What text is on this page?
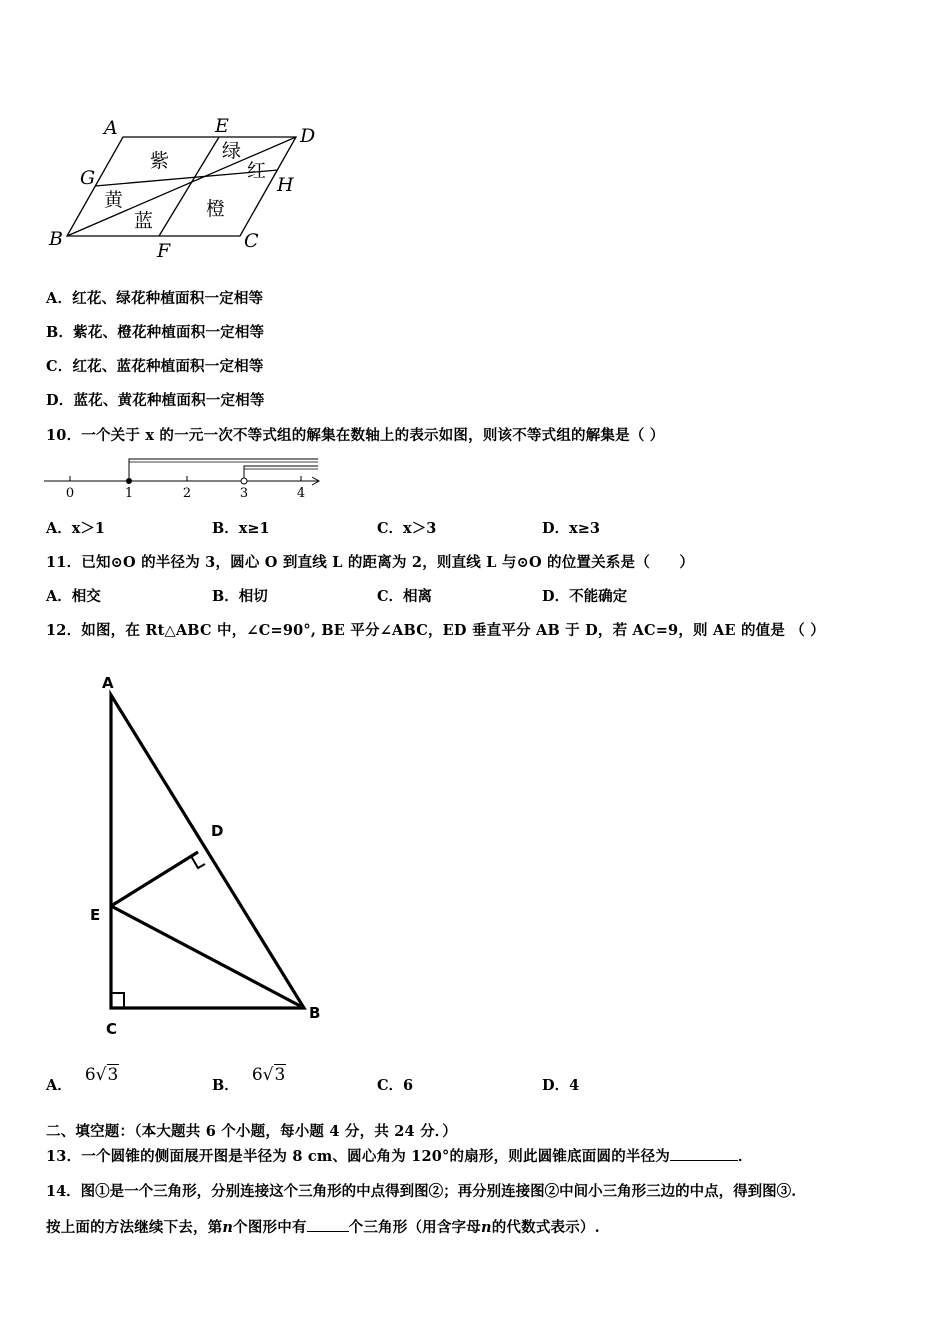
A	E	D
G	H
B
F	C
紫	绿
红
黄
蓝
橙
A．红花、绿花种植面积一定相等
B．紫花、橙花种植面积一定相等
C．红花、蓝花种植面积一定相等
D．蓝花、黄花种植面积一定相等
10．一个关于 x 的一元一次不等式组的解集在数轴上的表示如图，则该不等式组的解集是（ ）
0	1	2	3	4
A．x＞1	B．x≥1	C．x＞3	D．x≥3
11．已知⊙O 的半径为 3，圆心 O 到直线 L 的距离为 2，则直线 L 与⊙O 的位置关系是（　　）
A．相交	B．相切	C．相离	D．不能确定
12．如图，在 Rt△ABC 中，∠C=90°, BE 平分∠ABC，ED 垂直平分 AB 于 D，若 AC=9，则 AE 的值是 （ ）
A
D
E
C
B
A． 6√3
B． 6√3
C．6	D．4
二、填空题：（本大题共 6 个小题，每小题 4 分，共 24 分．）
13．一个圆锥的侧面展开图是半径为 8 cm、圆心角为 120°的扇形，则此圆锥底面圆的半径为	．
14．图①是一个三角形，分别连接这个三角形的中点得到图②；再分别连接图②中间小三角形三边的中点，得到图③.
按上面的方法继续下去，第n个图形中有	个三角形（用含字母n的代数式表示）.
